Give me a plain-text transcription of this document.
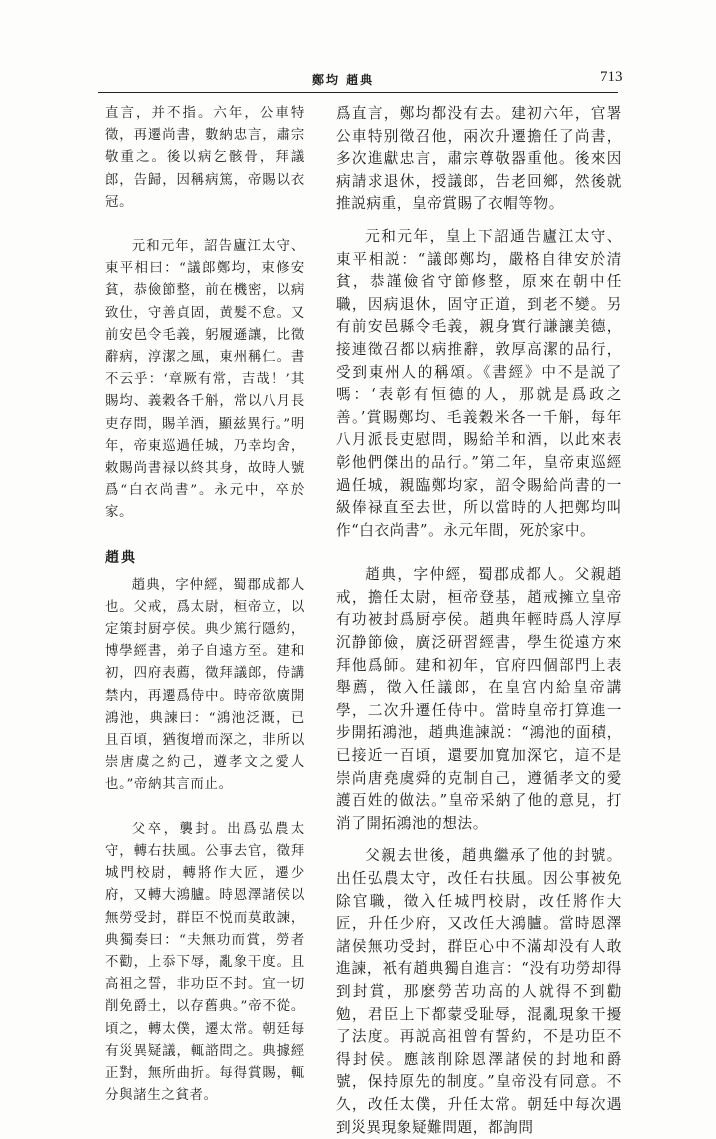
鄭均 趙典	713

直言，并不指。六年，公車特徵，再遷尚書，數納忠言，肅宗敬重之。後以病乞骸骨，拜議郎，告歸，因稱病篤，帝賜以衣冠。

元和元年，詔告廬江太守、東平相曰：“議郎鄭均，束修安貧，恭儉節整，前在機密，以病致仕，守善貞固，黄髮不怠。又前安邑令毛義，躬履遜讓，比徵辭病，淳潔之風，東州稱仁。書不云乎：‘章厥有常，吉哉！’其賜均、義穀各千斛，常以八月長吏存問，賜羊酒，顯兹異行。”明年，帝東巡過任城，乃幸均舍，敕賜尚書禄以終其身，故時人號爲“白衣尚書”。永元中，卒於家。

趙典

趙典，字仲經，蜀郡成都人也。父戒，爲太尉，桓帝立，以定策封厨亭侯。典少篤行隱約，博學經書，弟子自遠方至。建和初，四府表薦，徵拜議郎，侍講禁内，再遷爲侍中。時帝欲廣開鴻池，典諫曰：“鴻池泛溉，已且百頃，猶復增而深之，非所以崇唐虞之約己，遵孝文之愛人也。”帝納其言而止。

父卒，襲封。出爲弘農太守，轉右扶風。公事去官，徵拜城門校尉，轉將作大匠，遷少府，又轉大鴻臚。時恩澤諸侯以無勞受封，群臣不悦而莫敢諫，典獨奏曰：“夫無功而賞，勞者不勸，上忝下辱，亂象干度。且高祖之誓，非功臣不封。宜一切削免爵土，以存舊典。”帝不從。頃之，轉太僕，遷太常。朝廷每有災異疑議，輒諮問之。典據經正對，無所曲折。每得賞賜，輒分與諸生之貧者。

爲直言，鄭均都没有去。建初六年，官署公車特别徵召他，兩次升遷擔任了尚書，多次進獻忠言，肅宗尊敬器重他。後來因病請求退休，授議郎，告老回鄉，然後就推説病重，皇帝賞賜了衣帽等物。

元和元年，皇上下詔通告廬江太守、東平相説：“議郎鄭均，嚴格自律安於清貧，恭謹儉省守節修整，原來在朝中任職，因病退休，固守正道，到老不變。另有前安邑縣令毛義，親身實行謙讓美德，接連徵召都以病推辭，敦厚高潔的品行，受到東州人的稱頌。《書經》中不是説了嗎：‘表彰有恒德的人，那就是爲政之善。’賞賜鄭均、毛義穀米各一千斛，每年八月派長吏慰問，賜給羊和酒，以此來表彰他們傑出的品行。”第二年，皇帝東巡經過任城，親臨鄭均家，詔令賜給尚書的一級俸禄直至去世，所以當時的人把鄭均叫作“白衣尚書”。永元年間，死於家中。

趙典，字仲經，蜀郡成都人。父親趙戒，擔任太尉，桓帝登基，趙戒擁立皇帝有功被封爲厨亭侯。趙典年輕時爲人淳厚沉静節儉，廣泛研習經書，學生從遠方來拜他爲師。建和初年，官府四個部門上表舉薦，徵入任議郎，在皇宫内給皇帝講學，二次升遷任侍中。當時皇帝打算進一步開拓鴻池，趙典進諫説：“鴻池的面積，已接近一百頃，還要加寬加深它，這不是崇尚唐堯虞舜的克制自己，遵循孝文的愛護百姓的做法。”皇帝采納了他的意見，打消了開拓鴻池的想法。

父親去世後，趙典繼承了他的封號。出任弘農太守，改任右扶風。因公事被免除官職，徵入任城門校尉，改任將作大匠，升任少府，又改任大鴻臚。當時恩澤諸侯無功受封，群臣心中不滿却没有人敢進諫，衹有趙典獨自進言：“没有功勞却得到封賞，那麽勞苦功高的人就得不到勸勉，君臣上下都蒙受耻辱，混亂現象干擾了法度。再説高祖曾有誓約，不是功臣不得封侯。應該削除恩澤諸侯的封地和爵號，保持原先的制度。”皇帝没有同意。不久，改任太僕，升任太常。朝廷中每次遇到災異現象疑難問題，都詢問
